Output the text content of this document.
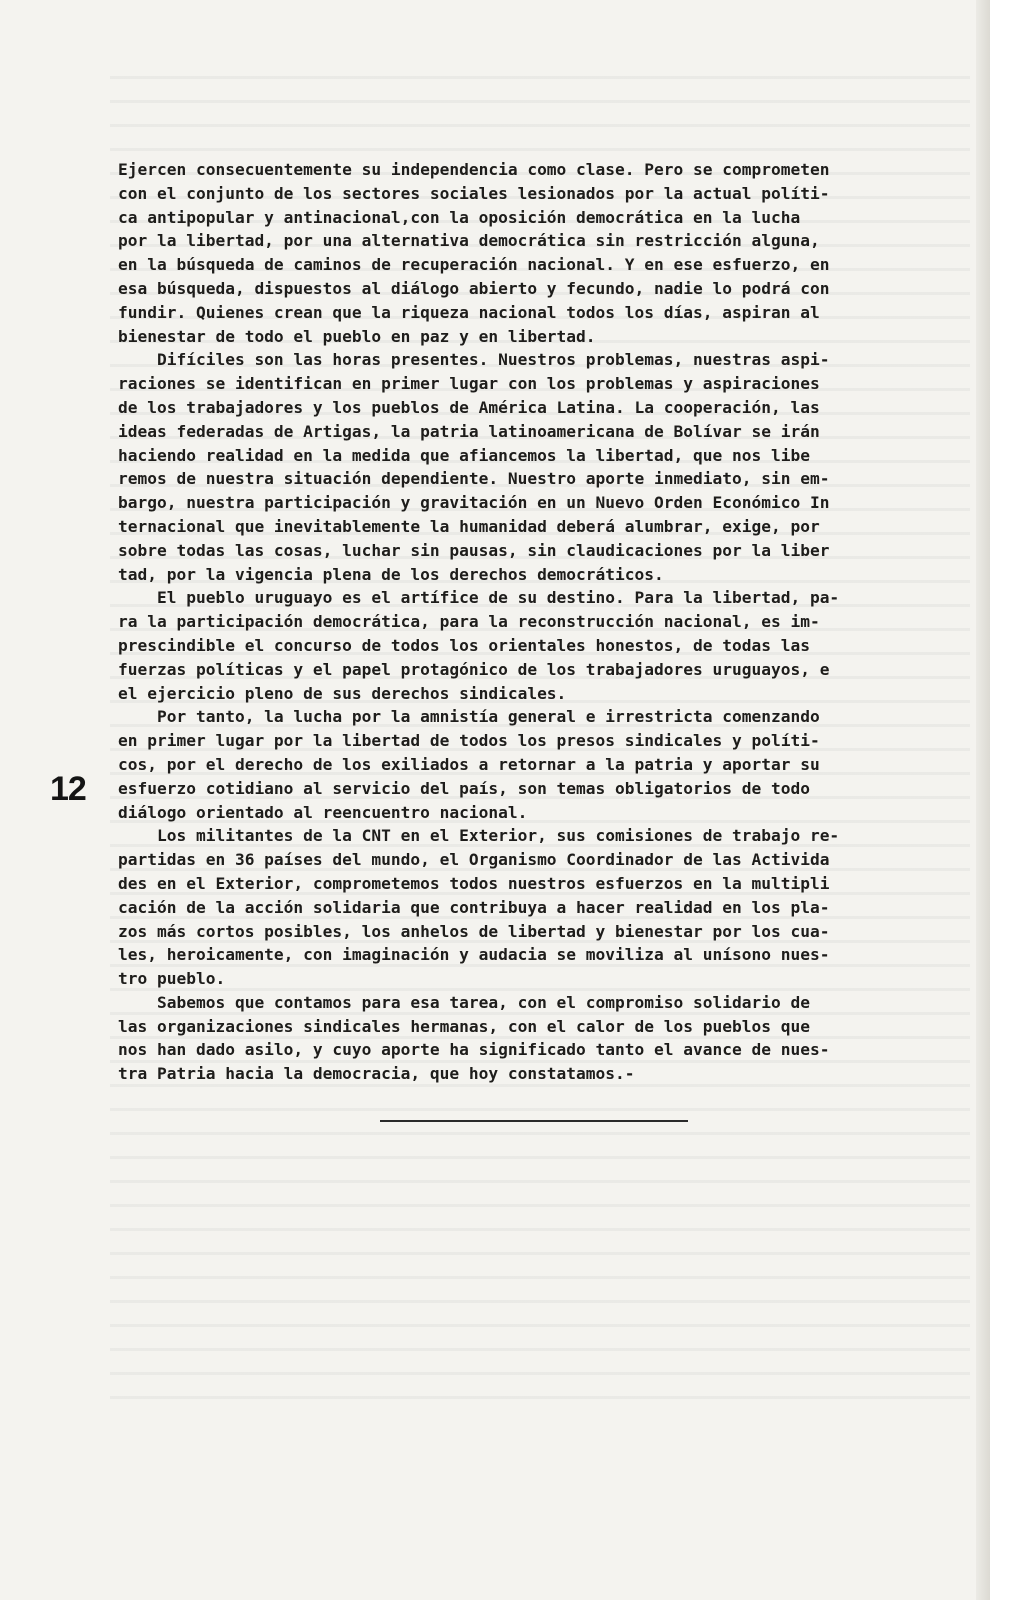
12
Ejercen consecuentemente su independencia como clase. Pero se comprometen
con el conjunto de los sectores sociales lesionados por la actual políti-
ca antipopular y antinacional,con la oposición democrática en la lucha
por la libertad, por una alternativa democrática sin restricción alguna,
en la búsqueda de caminos de recuperación nacional. Y en ese esfuerzo, en
esa búsqueda, dispuestos al diálogo abierto y fecundo, nadie lo podrá con
fundir. Quienes crean que la riqueza nacional todos los días, aspiran al
bienestar de todo el pueblo en paz y en libertad.
Difíciles son las horas presentes. Nuestros problemas, nuestras aspi-
raciones se identifican en primer lugar con los problemas y aspiraciones
de los trabajadores y los pueblos de América Latina. La cooperación, las
ideas federadas de Artigas, la patria latinoamericana de Bolívar se irán
haciendo realidad en la medida que afiancemos la libertad, que nos libe
remos de nuestra situación dependiente. Nuestro aporte inmediato, sin em-
bargo, nuestra participación y gravitación en un Nuevo Orden Económico In
ternacional que inevitablemente la humanidad deberá alumbrar, exige, por
sobre todas las cosas, luchar sin pausas, sin claudicaciones por la liber
tad, por la vigencia plena de los derechos democráticos.
El pueblo uruguayo es el artífice de su destino. Para la libertad, pa-
ra la participación democrática, para la reconstrucción nacional, es im-
prescindible el concurso de todos los orientales honestos, de todas las
fuerzas políticas y el papel protagónico de los trabajadores uruguayos, e
el ejercicio pleno de sus derechos sindicales.
Por tanto, la lucha por la amnistía general e irrestricta comenzando
en primer lugar por la libertad de todos los presos sindicales y políti-
cos, por el derecho de los exiliados a retornar a la patria y aportar su
esfuerzo cotidiano al servicio del país, son temas obligatorios de todo
diálogo orientado al reencuentro nacional.
Los militantes de la CNT en el Exterior, sus comisiones de trabajo re-
partidas en 36 países del mundo, el Organismo Coordinador de las Activida
des en el Exterior, comprometemos todos nuestros esfuerzos en la multipli
cación de la acción solidaria que contribuya a hacer realidad en los pla-
zos más cortos posibles, los anhelos de libertad y bienestar por los cua-
les, heroicamente, con imaginación y audacia se moviliza al unísono nues-
tro pueblo.
Sabemos que contamos para esa tarea, con el compromiso solidario de
las organizaciones sindicales hermanas, con el calor de los pueblos que
nos han dado asilo, y cuyo aporte ha significado tanto el avance de nues-
tra Patria hacia la democracia, que hoy constatamos.-
